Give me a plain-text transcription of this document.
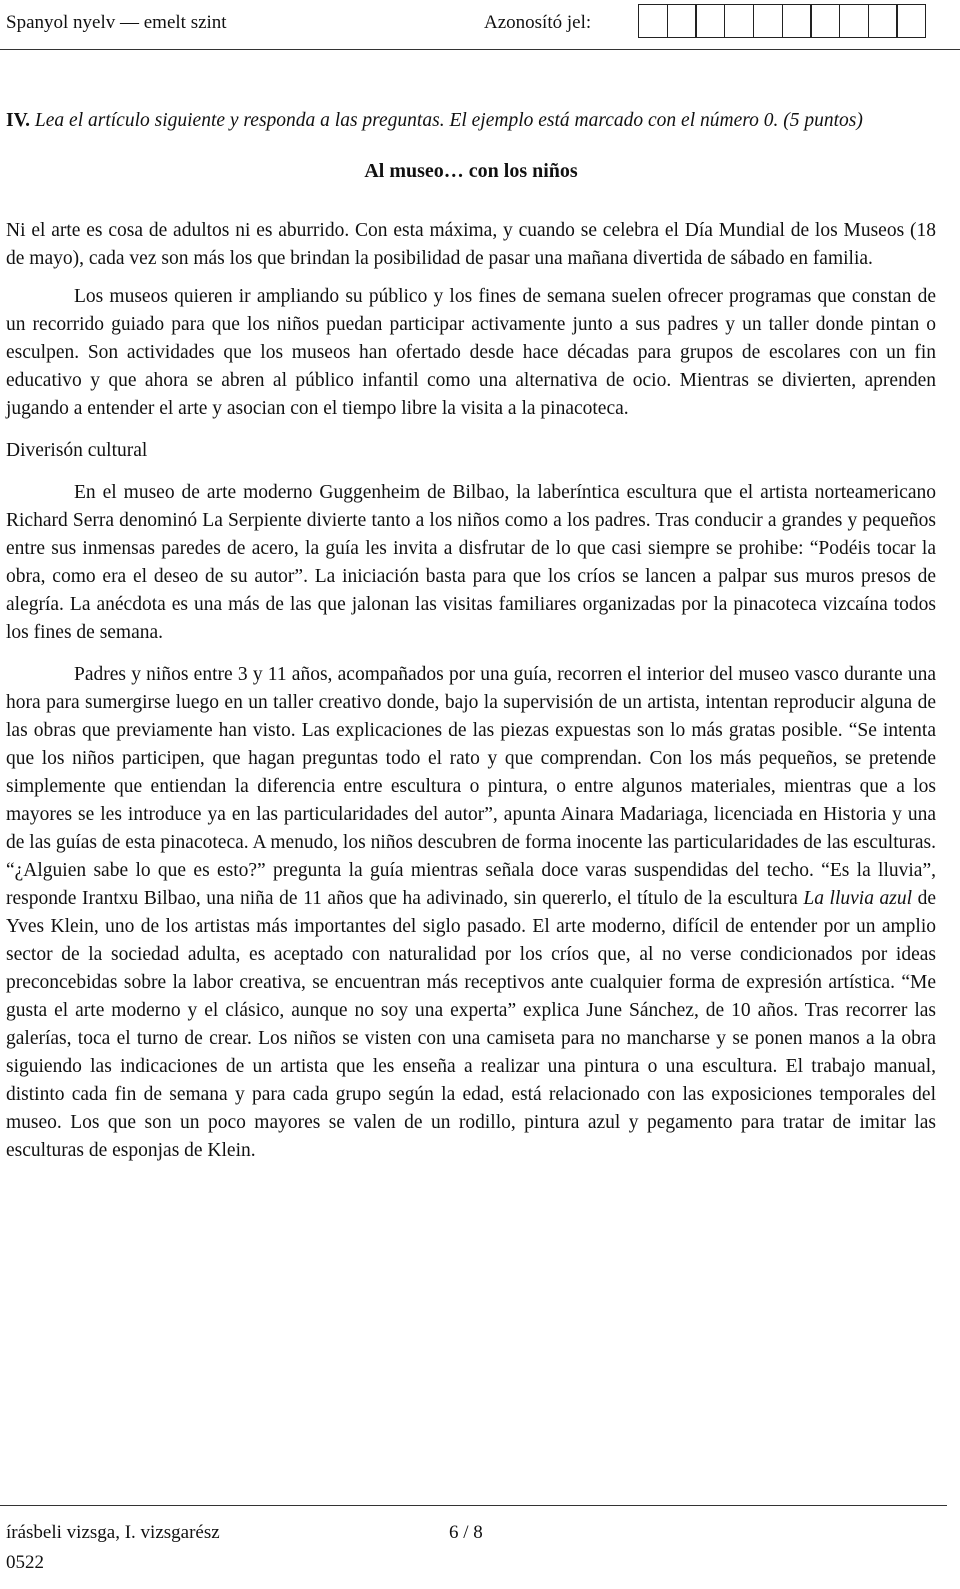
Spanyol nyelv — emelt szint	Azonosító jel:

IV. Lea el artículo siguiente y responda a las preguntas. El ejemplo está marcado con el número 0. (5 puntos)

Al museo… con los niños

Ni el arte es cosa de adultos ni es aburrido. Con esta máxima, y cuando se celebra el Día Mundial de los Museos (18 de mayo), cada vez son más los que brindan la posibilidad de pasar una mañana divertida de sábado en familia.

Los museos quieren ir ampliando su público y los fines de semana suelen ofrecer programas que constan de un recorrido guiado para que los niños puedan participar activamente junto a sus padres y un taller donde pintan o esculpen. Son actividades que los museos han ofertado desde hace décadas para grupos de escolares con un fin educativo y que ahora se abren al público infantil como una alternativa de ocio. Mientras se divierten, aprenden jugando a entender el arte y asocian con el tiempo libre la visita a la pinacoteca.

Diverisón cultural

En el museo de arte moderno Guggenheim de Bilbao, la laberíntica escultura que el artista norteamericano Richard Serra denominó La Serpiente divierte tanto a los niños como a los padres. Tras conducir a grandes y pequeños entre sus inmensas paredes de acero, la guía les invita a disfrutar de lo que casi siempre se prohibe: “Podéis tocar la obra, como era el deseo de su autor”. La iniciación basta para que los críos se lancen a palpar sus muros presos de alegría. La anécdota es una más de las que jalonan las visitas familiares organizadas por la pinacoteca vizcaína todos los fines de semana.

Padres y niños entre 3 y 11 años, acompañados por una guía, recorren el interior del museo vasco durante una hora para sumergirse luego en un taller creativo donde, bajo la supervisión de un artista, intentan reproducir alguna de las obras que previamente han visto. Las explicaciones de las piezas expuestas son lo más gratas posible. “Se intenta que los niños participen, que hagan preguntas todo el rato y que comprendan. Con los más pequeños, se pretende simplemente que entiendan la diferencia entre escultura o pintura, o entre algunos materiales, mientras que a los mayores se les introduce ya en las particularidades del autor”, apunta Ainara Madariaga, licenciada en Historia y una de las guías de esta pinacoteca. A menudo, los niños descubren de forma inocente las particularidades de las esculturas. “¿Alguien sabe lo que es esto?” pregunta la guía mientras señala doce varas suspendidas del techo. “Es la lluvia”, responde Irantxu Bilbao, una niña de 11 años que ha adivinado, sin quererlo, el título de la escultura La lluvia azul de Yves Klein, uno de los artistas más importantes del siglo pasado. El arte moderno, difícil de entender por un amplio sector de la sociedad adulta, es aceptado con naturalidad por los críos que, al no verse condicionados por ideas preconcebidas sobre la labor creativa, se encuentran más receptivos ante cualquier forma de expresión artística. “Me gusta el arte moderno y el clásico, aunque no soy una experta” explica June Sánchez, de 10 años. Tras recorrer las galerías, toca el turno de crear. Los niños se visten con una camiseta para no mancharse y se ponen manos a la obra siguiendo las indicaciones de un artista que les enseña a realizar una pintura o una escultura. El trabajo manual, distinto cada fin de semana y para cada grupo según la edad, está relacionado con las exposiciones temporales del museo. Los que son un poco mayores se valen de un rodillo, pintura azul y pegamento para tratar de imitar las esculturas de esponjas de Klein.

írásbeli vizsga, I. vizsgarész	6 / 8
0522
